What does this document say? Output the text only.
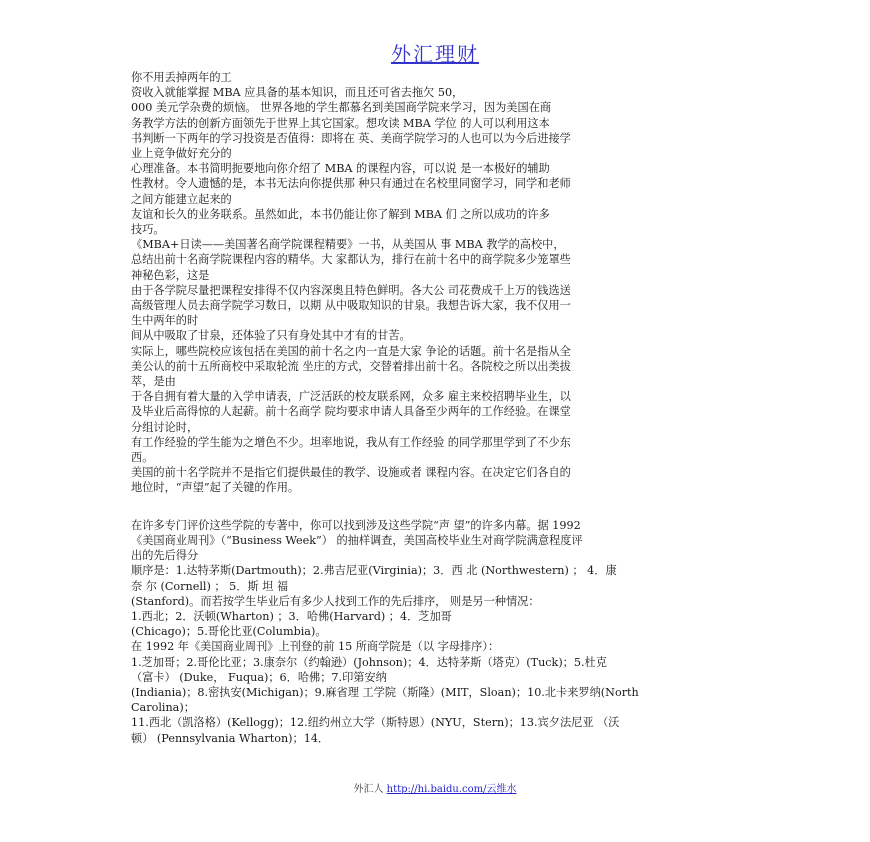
外汇理财

你不用丢掉两年的工

资收入就能掌握 MBA 应具备的基本知识，而且还可省去拖欠 50，

000 美元学杂费的烦恼。 世界各地的学生都慕名到美国商学院来学习，因为美国在商

务教学方法的创新方面领先于世界上其它国家。想攻读 MBA 学位 的人可以利用这本

书判断一下两年的学习投资是否值得：即将在 英、美商学院学习的人也可以为今后进接学

业上竞争做好充分的

心理准备。本书简明扼要地向你介绍了 MBA 的课程内容，可以说 是一本极好的辅助

性教材。令人遗憾的是，本书无法向你提供那 种只有通过在名校里同窗学习，同学和老师

之间方能建立起来的

友谊和长久的业务联系。虽然如此，本书仍能让你了解到 MBA 们 之所以成功的许多

技巧。

《MBA+日读——美国著名商学院课程精要》一书，从美国从 事 MBA 教学的高校中，

总结出前十名商学院课程内容的精华。大 家都认为，排行在前十名中的商学院多少笼罩些

神秘色彩，这是

由于各学院尽量把课程安排得不仅内容深奥且特色鲜明。各大公 司花费成千上万的钱选送

高级管理人员去商学院学习数日，以期 从中吸取知识的甘泉。我想告诉大家，我不仅用一

生中两年的时

间从中吸取了甘泉，还体验了只有身处其中才有的甘苦。

实际上，哪些院校应该包括在美国的前十名之内一直是大家 争论的话题。前十名是指从全

美公认的前十五所商校中采取轮流 坐庄的方式，交替着排出前十名。各院校之所以出类拔

萃，是由

于各自拥有着大量的入学申请表，广泛活跃的校友联系网，众多 雇主来校招聘毕业生，以

及毕业后高得惊的人起薪。前十名商学 院均要求申请人具备至少两年的工作经验。在课堂

分组讨论时，

有工作经验的学生能为之增色不少。坦率地说，我从有工作经验 的同学那里学到了不少东

西。

美国的前十名学院并不是指它们提供最佳的教学、设施或者 课程内容。在决定它们各自的

地位时，“声望”起了关键的作用。

在许多专门评价这些学院的专著中，你可以找到涉及这些学院“声 望”的许多内幕。据 1992

《美国商业周刊》（“Business Week”） 的抽样调查，美国高校毕业生对商学院满意程度评

出的先后得分

顺序是：1.达特茅斯(Dartmouth)；2.弗吉尼亚(Virginia)；3．西 北 (Northwestern) ； 4．康

奈 尔 (Cornell) ； 5．斯 坦 福

(Stanford)。而若按学生毕业后有多少人找到工作的先后排序， 则是另一种情况：

1.西北；2．沃顿(Wharton) ；3．哈佛(Harvard) ；4．芝加哥

(Chicago)；5.哥伦比亚(Columbia)。

在 1992 年《美国商业周刊》上刊登的前 15 所商学院是（以 字母排序）：

1.芝加哥；2.哥伦比亚；3.康奈尔（约翰逊）(Johnson)；4．达特茅斯（塔克）(Tuck)；5.杜克

（富卡） (Duke， Fuqua)；6．哈佛；7.印第安纳

(Indiania)；8.密执安(Michigan)；9.麻省理 工学院（斯隆）(MIT，Sloan)；10.北卡来罗纳(North

Carolina)；

11.西北（凯洛格）(Kellogg)；12.纽约州立大学（斯特恩）(NYU，Stern)；13.宾夕法尼亚 （沃

顿） (Pennsylvania Wharton)；14．

外汇人 http://hi.baidu.com/云维水
